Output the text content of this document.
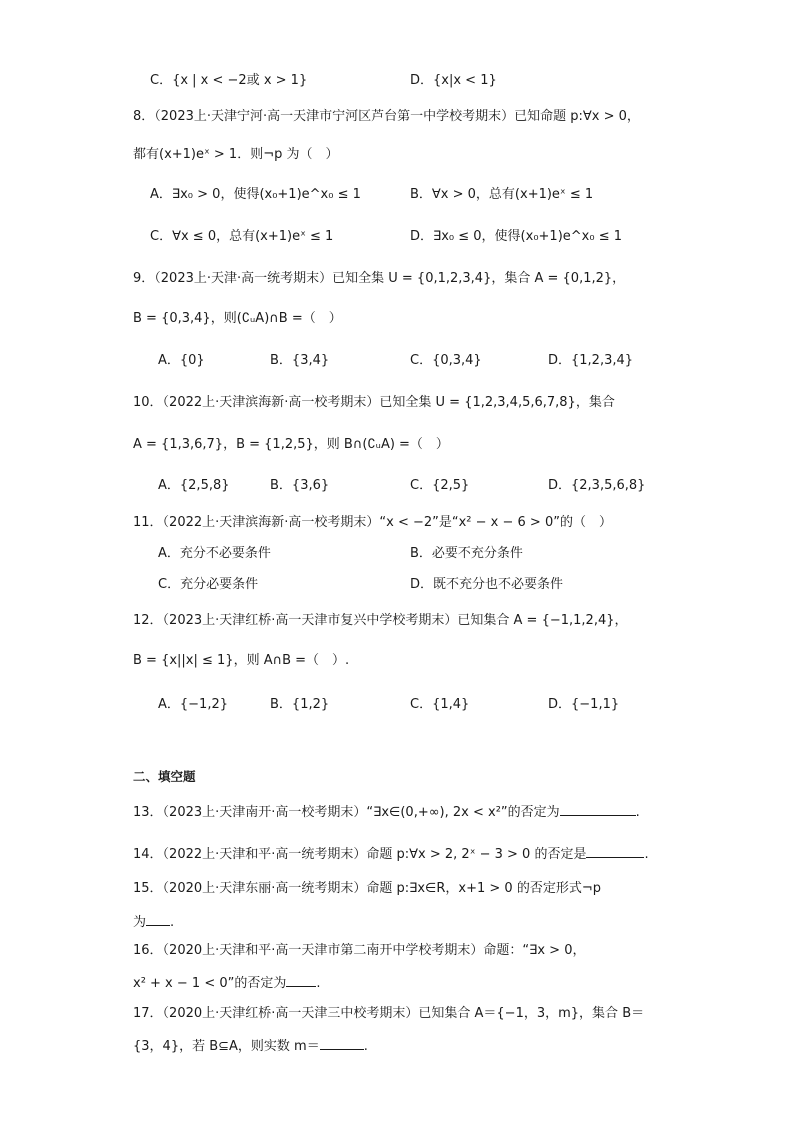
C．{x | x < −2或 x > 1}	D．{x|x < 1}
8．（2023上·天津宁河·高一天津市宁河区芦台第一中学校考期末）已知命题 p:∀x > 0，
都有(x+1)eˣ > 1．则¬p 为（　）
A．∃x₀ > 0，使得(x₀+1)e^x₀ ≤ 1	B．∀x > 0，总有(x+1)eˣ ≤ 1
C．∀x ≤ 0，总有(x+1)eˣ ≤ 1	D．∃x₀ ≤ 0，使得(x₀+1)e^x₀ ≤ 1
9．（2023上·天津·高一统考期末）已知全集 U = {0,1,2,3,4}，集合 A = {0,1,2}，
B = {0,3,4}，则(∁ᵤA)∩B =（　）
A．{0}	B．{3,4}	C．{0,3,4}	D．{1,2,3,4}
10．（2022上·天津滨海新·高一校考期末）已知全集 U = {1,2,3,4,5,6,7,8}，集合
A = {1,3,6,7}，B = {1,2,5}，则 B∩(∁ᵤA) =（　）
A．{2,5,8}	B．{3,6}	C．{2,5}	D．{2,3,5,6,8}
11．（2022上·天津滨海新·高一校考期末）“x < −2”是“x² − x − 6 > 0”的（　）
A．充分不必要条件	B．必要不充分条件
C．充分必要条件	D．既不充分也不必要条件
12．（2023上·天津红桥·高一天津市复兴中学校考期末）已知集合 A = {−1,1,2,4}，
B = {x||x| ≤ 1}，则 A∩B =（　）.
A．{−1,2}	B．{1,2}	C．{1,4}	D．{−1,1}
二、填空题
13．（2023上·天津南开·高一校考期末）“∃x∈(0,+∞), 2x < x²”的否定为	.
14．（2022上·天津和平·高一统考期末）命题 p:∀x > 2, 2ˣ − 3 > 0 的否定是	.
15．（2020上·天津东丽·高一统考期末）命题 p:∃x∈R，x+1 > 0 的否定形式¬p
为 .
16．（2020上·天津和平·高一天津市第二南开中学校考期末）命题：“∃x > 0，
x² + x − 1 < 0”的否定为 .
17．（2020上·天津红桥·高一天津三中校考期末）已知集合 A＝{−1，3，m}，集合 B＝
{3，4}，若 B⊆A，则实数 m＝	.
